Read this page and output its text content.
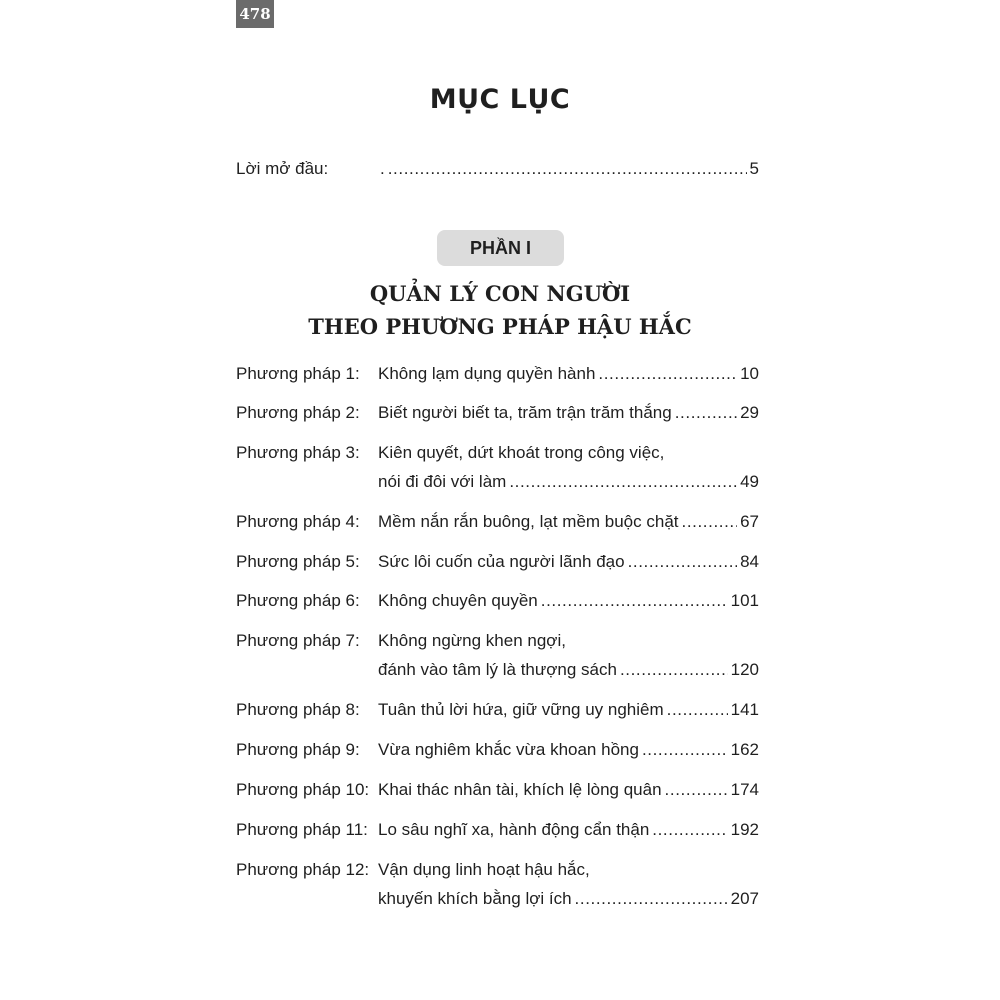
478
MỤC LỤC
Lời mở đầu:	. .....	5
PHẦN I
QUẢN LÝ CON NGƯỜI
THEO PHƯƠNG PHÁP HẬU HẮC
Phương pháp 1:	Không lạm dụng quyền hành .....	10
Phương pháp 2:	Biết người biết ta, trăm trận trăm thắng .....	29
Phương pháp 3:	Kiên quyết, dứt khoát trong công việc,
nói đi đôi với làm .....	49
Phương pháp 4:	Mềm nắn rắn buông, lạt mềm buộc chặt .....	67
Phương pháp 5:	Sức lôi cuốn của người lãnh đạo .....	84
Phương pháp 6:	Không chuyên quyền .....	101
Phương pháp 7:	Không ngừng khen ngợi,
đánh vào tâm lý là thượng sách .....	120
Phương pháp 8:	Tuân thủ lời hứa, giữ vững uy nghiêm .....	141
Phương pháp 9:	Vừa nghiêm khắc vừa khoan hồng .....	162
Phương pháp 10: Khai thác nhân tài, khích lệ lòng quân .....	174
Phương pháp 11: Lo sâu nghĩ xa, hành động cẩn thận .....	192
Phương pháp 12: Vận dụng linh hoạt hậu hắc,
khuyến khích bằng lợi ích .....	207
